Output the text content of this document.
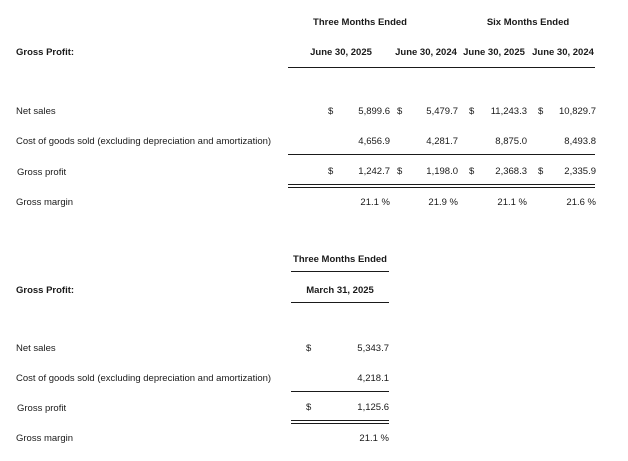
Three Months Ended	Six Months Ended
Gross Profit:	June 30, 2025 June 30, 2024 June 30, 2025 June 30, 2024
Net sales	$	5,899.6 $	5,479.7 $	11,243.3 $	10,829.7
Cost of goods sold (excluding depreciation and amortization)	4,656.9	4,281.7	8,875.0	8,493.8
Gross profit	$	1,242.7 $	1,198.0 $	2,368.3 $	2,335.9
Gross margin	21.1 %	21.9 %	21.1 %	21.6 %
Three Months Ended
Gross Profit:	March 31, 2025
Net sales	$	5,343.7
Cost of goods sold (excluding depreciation and amortization)	4,218.1
Gross profit	$	1,125.6
Gross margin	21.1 %
